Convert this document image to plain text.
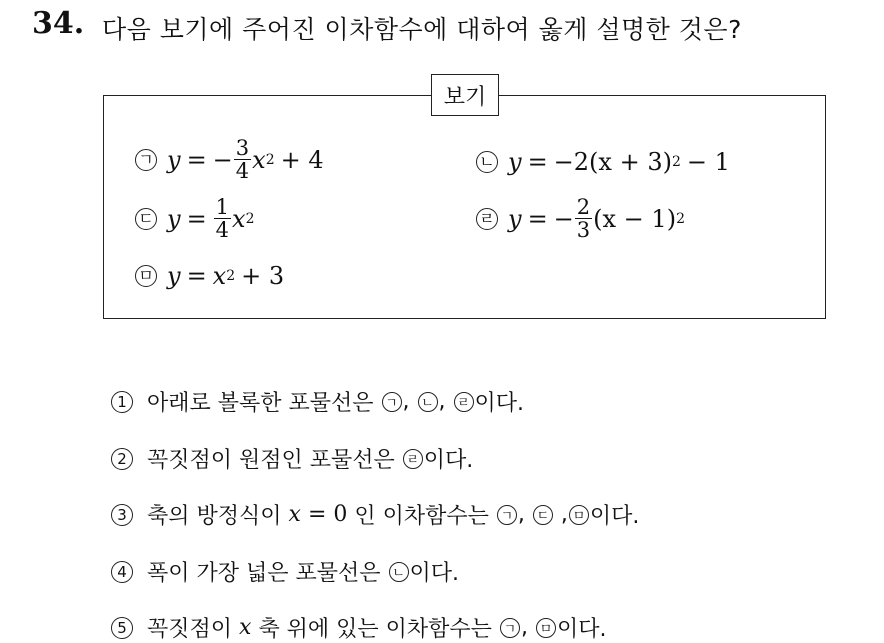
34. 다음 보기에 주어진 이차함수에 대하여 옳게 설명한 것은?
보기
ㄱ y = − $\frac{3}{4}$ x 2 + 4	ㄴ y = −2(x + 3) 2 − 1
ㄷ $y = \frac{1}{4}$ x 2	ㄹ y = − $\frac{2}{3} (x - 1)$ 2
ㅁ y = x 2 + 3
1 아래로 볼록한 포물선은
ㄱ , ㄴ , ㄹ 이다.
2 꼭짓점이 원점인 포물선은
ㄹ 이다.
3 축의 방정식이
x
= 0
인 이차함수는
ㄱ , ㄷ , ㅁ 이다.
4 폭이 가장 넓은 포물선은
ㄴ 이다.
5 꼭짓점이
x
축 위에 있는 이차함수는
ㄱ , ㅁ 이다.
